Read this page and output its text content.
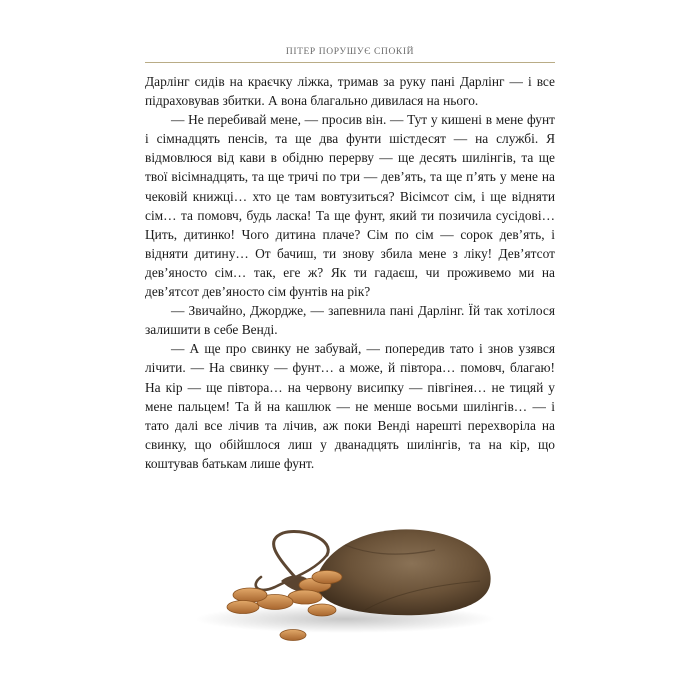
ПІТЕР ПОРУШУЄ СПОКІЙ

Дарлінг сидів на краєчку ліжка, тримав за руку пані Дарлінг — і все підраховував збитки. А вона благально дивилася на нього.

— Не перебивай мене, — просив він. — Тут у кишені в мене фунт і сімнадцять пенсів, та ще два фунти шістдесят — на службі. Я відмовлюся від кави в обідню перерву — ще десять шилінгів, та ще твої вісімнадцять, та ще тричі по три — дев’ять, та ще п’ять у мене на чековій книжці… хто це там вовтузиться? Вісімсот сім, і ще відняти сім… та помовч, будь ласка! Та ще фунт, який ти позичила сусідові… Цить, дитинко! Чого дитина плаче? Сім по сім — сорок дев’ять, і відняти дитину… От бачиш, ти знову збила мене з ліку! Дев’ятсот дев’яносто сім… так, еге ж? Як ти гадаєш, чи проживемо ми на дев’ятсот дев’яносто сім фунтів на рік?

— Звичайно, Джордже, — запевнила пані Дарлінг. Їй так хотілося залишити в себе Венді.

— А ще про свинку не забувай, — попередив тато і знов узявся лічити. — На свинку — фунт… а може, й півтора… помовч, благаю! На кір — ще півтора… на червону висипку — півгінея… не тицяй у мене пальцем! Та й на кашлюк — не менше восьми шилінгів… — і тато далі все лічив та лічив, аж поки Венді нарешті перехворіла на свинку, що обійшлося лиш у дванадцять шилінгів, та на кір, що коштував батькам лише фунт.
